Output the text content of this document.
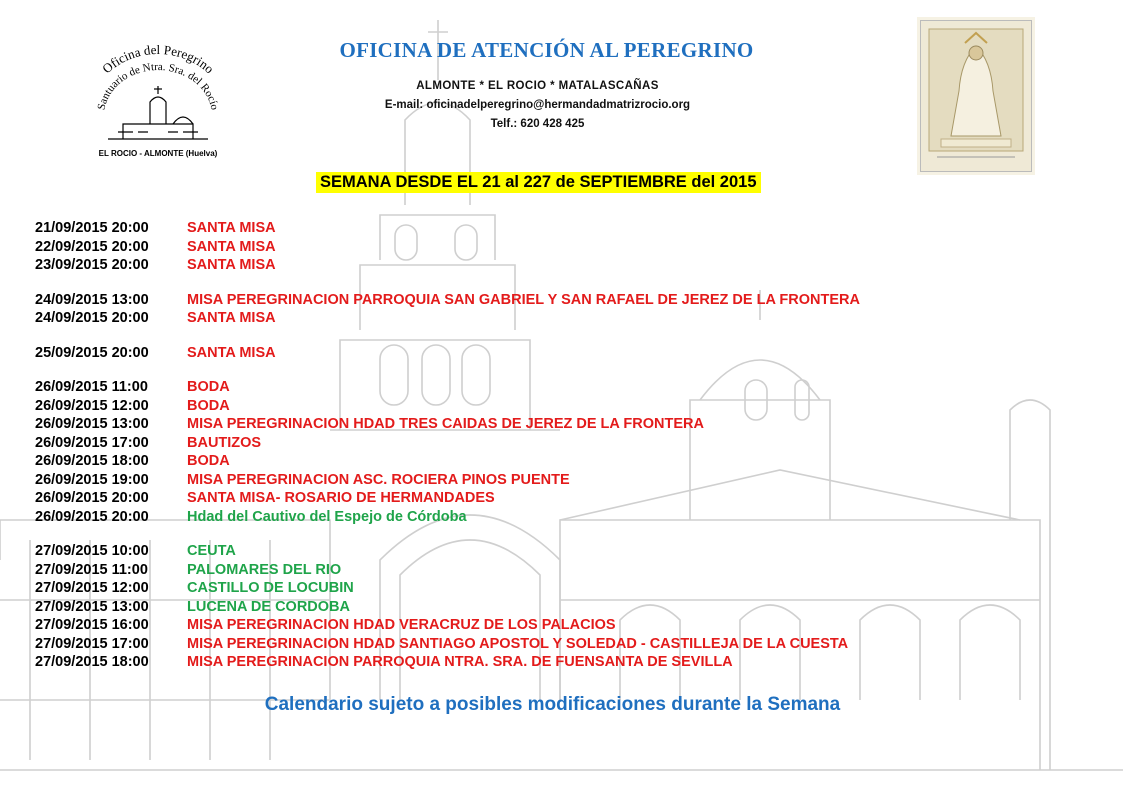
Oficina del Peregrino
Santuario de Ntra. Sra. del Rocío
EL ROCIO - ALMONTE (Huelva)
OFICINA DE ATENCIÓN AL PEREGRINO
ALMONTE * EL ROCIO * MATALASCAÑAS
E-mail: oficinadelperegrino@hermandadmatrizrocio.org
Telf.: 620 428 425
SEMANA DESDE EL 21 al 227 de SEPTIEMBRE del 2015
21/09/2015 20:00	SANTA MISA
22/09/2015 20:00	SANTA MISA
23/09/2015 20:00	SANTA MISA
24/09/2015 13:00	MISA PEREGRINACION PARROQUIA SAN GABRIEL Y SAN RAFAEL DE JEREZ DE LA FRONTERA
24/09/2015 20:00	SANTA MISA
25/09/2015 20:00	SANTA MISA
26/09/2015 11:00	BODA
26/09/2015 12:00	BODA
26/09/2015 13:00	MISA PEREGRINACION HDAD TRES CAIDAS DE JEREZ DE LA FRONTERA
26/09/2015 17:00	BAUTIZOS
26/09/2015 18:00	BODA
26/09/2015 19:00	MISA PEREGRINACION ASC. ROCIERA PINOS PUENTE
26/09/2015 20:00	SANTA MISA- ROSARIO DE HERMANDADES
26/09/2015 20:00	Hdad del Cautivo del Espejo de Córdoba
27/09/2015 10:00	CEUTA
27/09/2015 11:00	PALOMARES DEL RIO
27/09/2015 12:00	CASTILLO DE LOCUBIN
27/09/2015 13:00	LUCENA DE CORDOBA
27/09/2015 16:00	MISA PEREGRINACION HDAD VERACRUZ DE LOS PALACIOS
27/09/2015 17:00	MISA PEREGRINACION HDAD SANTIAGO APOSTOL Y SOLEDAD - CASTILLEJA DE LA CUESTA
27/09/2015 18:00	MISA PEREGRINACION PARROQUIA NTRA. SRA. DE FUENSANTA DE SEVILLA
Calendario sujeto a posibles modificaciones durante la Semana
